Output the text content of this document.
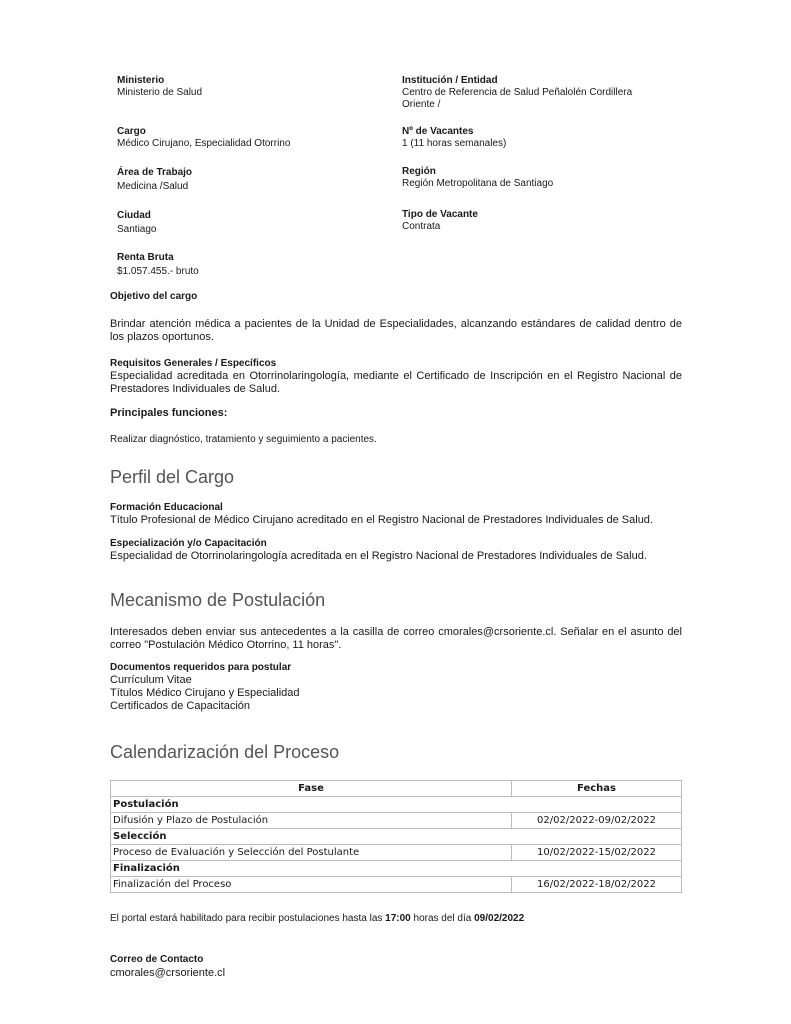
Ministerio
Ministerio de Salud
Institución / Entidad
Centro de Referencia de Salud Peñalolén Cordillera
Oriente /
Cargo
Médico Cirujano, Especialidad Otorrino
Nº de Vacantes
1 (11 horas semanales)
Área de Trabajo
Medicina /Salud
Región
Región Metropolitana de Santiago
Ciudad
Santiago
Tipo de Vacante
Contrata
Renta Bruta
$1.057.455.- bruto
Objetivo del cargo
Brindar atención médica a pacientes de la Unidad de Especialidades, alcanzando estándares de calidad dentro de los plazos oportunos.
Requisitos Generales / Específicos
Especialidad acreditada en Otorrinolaringología, mediante el Certificado de Inscripción en el Registro Nacional de Prestadores Individuales de Salud.
Principales funciones:
Realizar diagnóstico, tratamiento y seguimiento a pacientes.
Perfil del Cargo
Formación Educacional
Título Profesional de Médico Cirujano acreditado en el Registro Nacional de Prestadores Individuales de Salud.
Especialización y/o Capacitación
Especialidad de Otorrinolaringología acreditada en el Registro Nacional de Prestadores Individuales de Salud.
Mecanismo de Postulación
Interesados deben enviar sus antecedentes a la casilla de correo cmorales@crsoriente.cl. Señalar en el asunto del correo "Postulación Médico Otorrino, 11 horas".
Documentos requeridos para postular
Currículum Vitae
Títulos Médico Cirujano y Especialidad
Certificados de Capacitación
Calendarización del Proceso
Fase	Fechas
Postulación	
Difusión y Plazo de Postulación	02/02/2022-09/02/2022
Selección	
Proceso de Evaluación y Selección del Postulante	10/02/2022-15/02/2022
Finalización	
Finalización del Proceso	16/02/2022-18/02/2022
El portal estará habilitado para recibir postulaciones hasta las 17:00 horas del día 09/02/2022
Correo de Contacto
cmorales@crsoriente.cl
